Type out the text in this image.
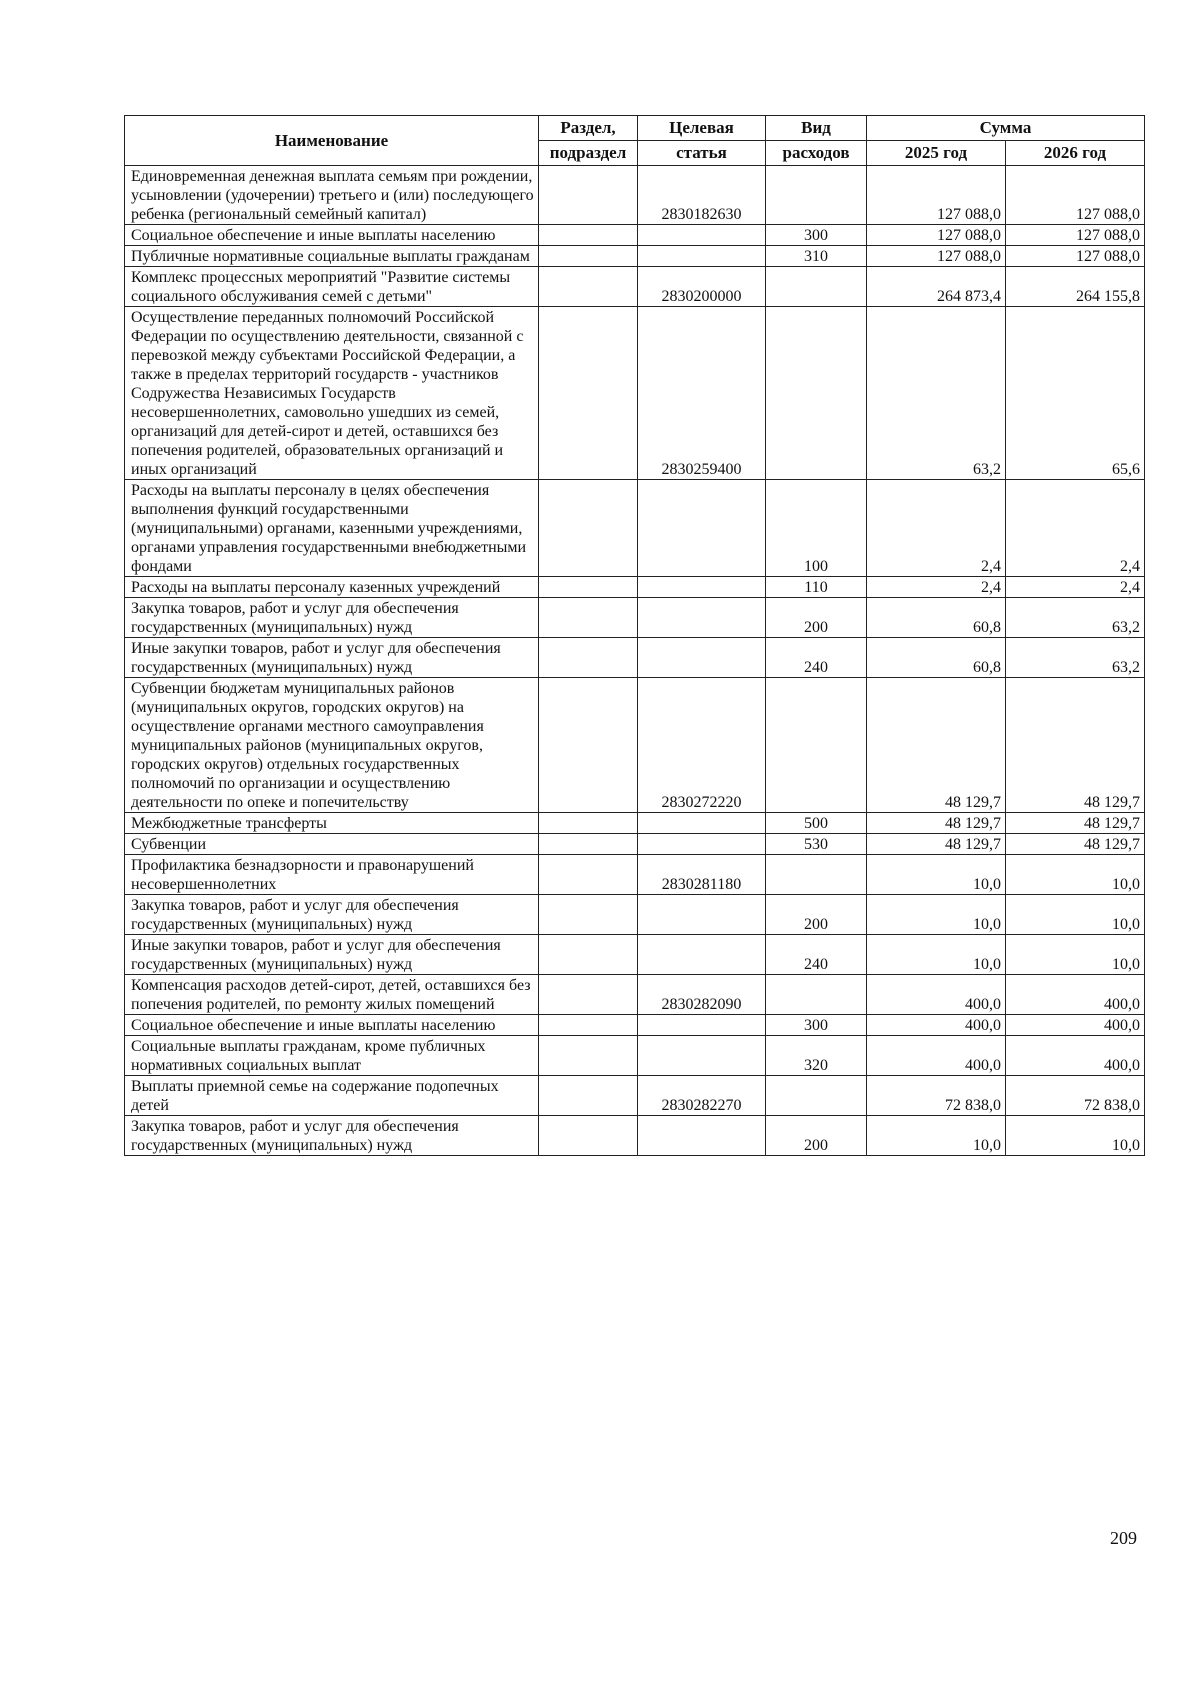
Наименование	Раздел,	Целевая	Вид	Сумма	
	подраздел	статья	расходов	2025 год	2026 год
Единовременная денежная выплата семьям при рождении, усыновлении (удочерении) третьего и (или) последующего ребенка (региональный семейный капитал)		2830182630		127 088,0	127 088,0
Социальное обеспечение и иные выплаты населению			300	127 088,0	127 088,0
Публичные нормативные социальные выплаты гражданам			310	127 088,0	127 088,0
Комплекс процессных мероприятий "Развитие системы социального обслуживания семей с детьми"		2830200000		264 873,4	264 155,8
Осуществление переданных полномочий Российской Федерации по осуществлению деятельности, связанной с перевозкой между субъектами Российской Федерации, а также в пределах территорий государств - участников Содружества Независимых Государств несовершеннолетних, самовольно ушедших из семей, организаций для детей-сирот и детей, оставшихся без попечения родителей, образовательных организаций и иных организаций		2830259400		63,2	65,6
Расходы на выплаты персоналу в целях обеспечения выполнения функций государственными (муниципальными) органами, казенными учреждениями, органами управления государственными внебюджетными фондами			100	2,4	2,4
Расходы на выплаты персоналу казенных учреждений			110	2,4	2,4
Закупка товаров, работ и услуг для обеспечения государственных (муниципальных) нужд			200	60,8	63,2
Иные закупки товаров, работ и услуг для обеспечения государственных (муниципальных) нужд			240	60,8	63,2
Субвенции бюджетам муниципальных районов (муниципальных округов, городских округов) на осуществление органами местного самоуправления муниципальных районов (муниципальных округов, городских округов) отдельных государственных полномочий по организации и осуществлению деятельности по опеке и попечительству		2830272220		48 129,7	48 129,7
Межбюджетные трансферты			500	48 129,7	48 129,7
Субвенции			530	48 129,7	48 129,7
Профилактика безнадзорности и правонарушений несовершеннолетних		2830281180		10,0	10,0
Закупка товаров, работ и услуг для обеспечения государственных (муниципальных) нужд			200	10,0	10,0
Иные закупки товаров, работ и услуг для обеспечения государственных (муниципальных) нужд			240	10,0	10,0
Компенсация расходов детей-сирот, детей, оставшихся без попечения родителей, по ремонту жилых помещений		2830282090		400,0	400,0
Социальное обеспечение и иные выплаты населению			300	400,0	400,0
Социальные выплаты гражданам, кроме публичных нормативных социальных выплат			320	400,0	400,0
Выплаты приемной семье на содержание подопечных детей		2830282270		72 838,0	72 838,0
Закупка товаров, работ и услуг для обеспечения государственных (муниципальных) нужд			200	10,0	10,0
209
